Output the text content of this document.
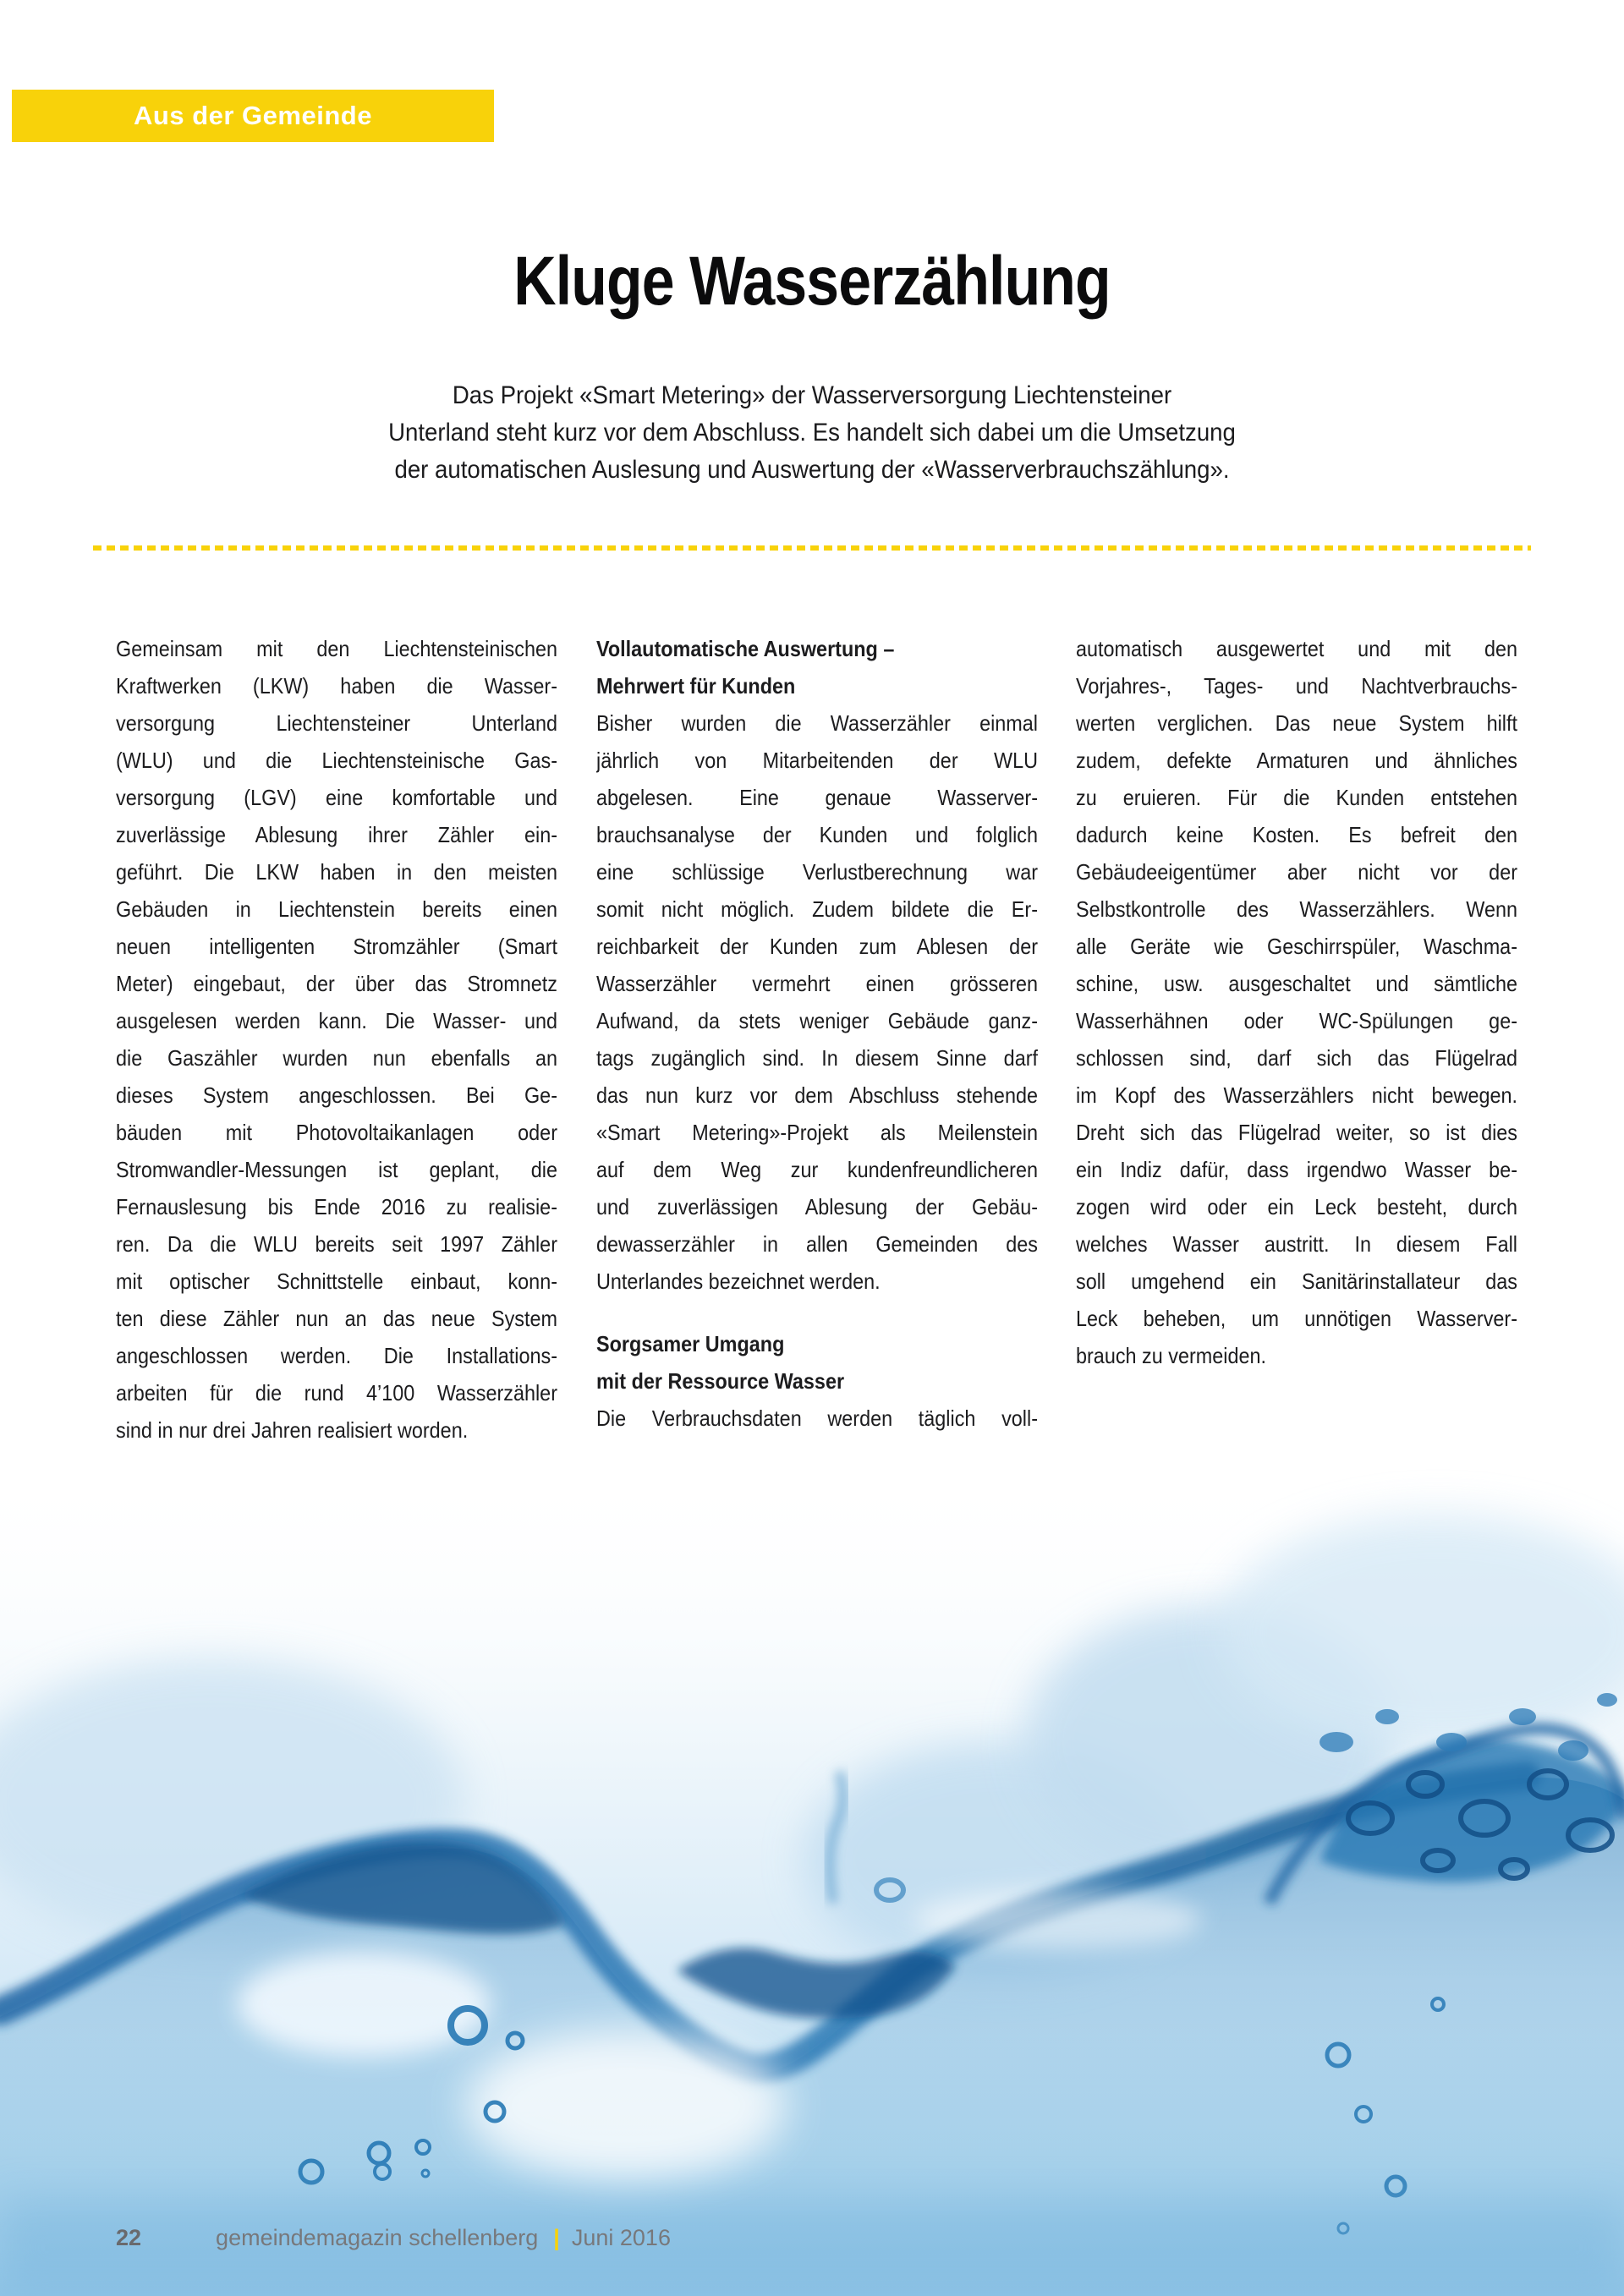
Aus der Gemeinde
Kluge Wasserzählung
Das Projekt «Smart Metering» der Wasserversorgung Liechtensteiner
Unterland steht kurz vor dem Abschluss. Es handelt sich dabei um die Umsetzung
der automatischen Auslesung und Auswertung der «Wasserverbrauchszählung».
Gemeinsam mit den Liechtensteinischen
Kraftwerken (LKW) haben die Wasser-
versorgung Liechtensteiner Unterland
(WLU) und die Liechtensteinische Gas-
versorgung (LGV) eine komfortable und
zuverlässige Ablesung ihrer Zähler ein-
geführt. Die LKW haben in den meisten
Gebäuden in Liechtenstein bereits einen
neuen intelligenten Stromzähler (Smart
Meter) eingebaut, der über das Stromnetz
ausgelesen werden kann. Die Wasser- und
die Gaszähler wurden nun ebenfalls an
dieses System angeschlossen. Bei Ge-
bäuden mit Photovoltaikanlagen oder
Stromwandler-Messungen ist geplant, die
Fernauslesung bis Ende 2016 zu realisie-
ren. Da die WLU bereits seit 1997 Zähler
mit optischer Schnittstelle einbaut, konn-
ten diese Zähler nun an das neue System
angeschlossen werden. Die Installations-
arbeiten für die rund 4’100 Wasserzähler
sind in nur drei Jahren realisiert worden.
Vollautomatische Auswertung –
Mehrwert für Kunden
Bisher wurden die Wasserzähler einmal
jährlich von Mitarbeitenden der WLU
abgelesen. Eine genaue Wasserver-
brauchsanalyse der Kunden und folglich
eine schlüssige Verlustberechnung war
somit nicht möglich. Zudem bildete die Er-
reichbarkeit der Kunden zum Ablesen der
Wasserzähler vermehrt einen grösseren
Aufwand, da stets weniger Gebäude ganz-
tags zugänglich sind. In diesem Sinne darf
das nun kurz vor dem Abschluss stehende
«Smart Metering»-Projekt als Meilenstein
auf dem Weg zur kundenfreundlicheren
und zuverlässigen Ablesung der Gebäu-
dewasserzähler in allen Gemeinden des
Unterlandes bezeichnet werden.
Sorgsamer Umgang
mit der Ressource Wasser
Die Verbrauchsdaten werden täglich voll-
automatisch ausgewertet und mit den
Vorjahres-, Tages- und Nachtverbrauchs-
werten verglichen. Das neue System hilft
zudem, defekte Armaturen und ähnliches
zu eruieren. Für die Kunden entstehen
dadurch keine Kosten. Es befreit den
Gebäudeeigentümer aber nicht vor der
Selbstkontrolle des Wasserzählers. Wenn
alle Geräte wie Geschirrspüler, Waschma-
schine, usw. ausgeschaltet und sämtliche
Wasserhähnen oder WC-Spülungen ge-
schlossen sind, darf sich das Flügelrad
im Kopf des Wasserzählers nicht bewegen.
Dreht sich das Flügelrad weiter, so ist dies
ein Indiz dafür, dass irgendwo Wasser be-
zogen wird oder ein Leck besteht, durch
welches Wasser austritt. In diesem Fall
soll umgehend ein Sanitärinstallateur das
Leck beheben, um unnötigen Wasserver-
brauch zu vermeiden.
22	gemeindemagazin schellenberg | Juni 2016
